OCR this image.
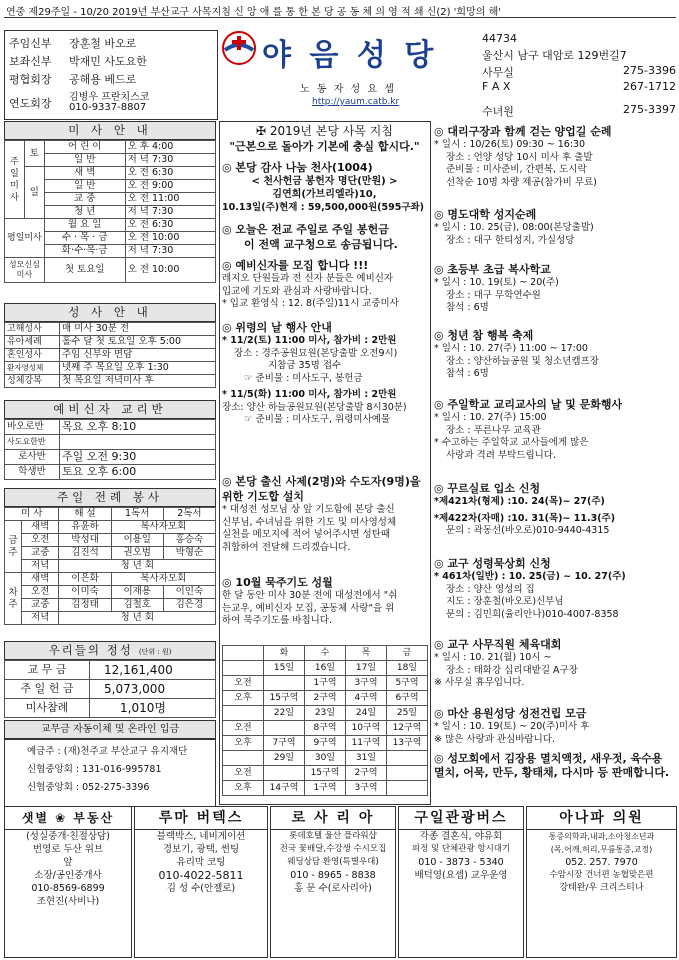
연중 제29주일 - 10/20 2019년 부산교구 사목지침 신 앙 애 를 통 한 본 당 공 동 체 의 영 적 쇄 신(2) '희망의 해'
주임신부 장훈철 바오로
보좌신부 박재민 사도요한
평협회장 공해용 베드로
연도회장 김병우 프란치스코
010-9337-8807
야 음 성 당
노 동 자 성 요 셉
http://yaum.catb.kr
44734
울산시 남구 대암로 129번길7
사무실	275-3396
F A X	267-1712
수녀원	275-3397
미 사 안 내
주일미사	토	어 린 이	오 후 4:00
		일 반	저 녁 7:30
	일	새 벽	오 전 6:30
		일 반	오 전 9:00
		교 중	오 전 11:00
		청 년	저 녁 7:30
평일미사		월 요 일	오 전 6:30
		수 · 목 · 금	오 전 10:00
		화·수·목·금	저 녁 7:30
성모신심미사		첫 토요일	오 전 10:00
성 사 안 내
고해성사	매 미사 30분 전
유아세례	홀수 달 첫 토요일 오후 5:00
혼인성사	주임 신부와 면담
환자영성체	넷째 주 목요일 오후 1:30
성체강복	첫 목요일 저녁미사 후
예비신자 교리반
바오로반	목요 오후 8:10
사도요한반	
로사반	주일 오전 9:30
학생반	토요 오후 6:00
주일 전례 봉사
미 사		해 설	1독서	2독서
금주	새벽	유윤하	복사자모회	
	오전	박성대	이용일	홍승숙
	교중	김진석	권오범	박형순
	저녁	청 년 회		
차주	새벽	이은화	복사자모회	
	오전	이미숙	이재용	이인숙
	교중	김정태	김철호	김은경
	저녁	청 년 회		
우리들의 정성 (단위 : 원)
교 무 금	12,161,400
주 일 헌 금	5,073,000
미사참례	1,010명
교무금 자동이체 및 온라인 입금
예금주 : (재)천주교 부산교구 유지재단
신협중앙회 : 131-016-995781
신협중앙회 : 052-275-3396
✠ 2019년 본당 사목 지침
"근본으로 돌아가 기본에 충실 합시다."
◎ 본당 감사 나눔 천사(1004)
< 천사헌금 봉헌자 명단(만원) >
김연희(가브리엘라)10,
10.13일(주)현재 : 59,500,000원(595구좌)
◎ 오늘은 전교 주일로 주일 봉헌금
이 전액 교구청으로 송금됩니다.
◎ 예비신자를 모집 합니다 !!!
레지오 단원들과 전 신자 분들은 예비신자
입교에 기도와 관심과 사랑바랍니다.
* 입교 환영식 : 12. 8(주일)11시 교중미사
◎ 위령의 날 행사 안내
* 11/2(토) 11:00 미사, 참가비 : 2만원
장소 : 경주공원묘원(본당출발 오전9시)
지참금 35명 접수
☞ 준비물 : 미사도구, 봉헌금
* 11/5(화) 11:00 미사, 참가비 : 2만원
장소: 양산 하늘공원묘원(본당출발 8시30분)
☞ 준비물 : 미사도구, 위령미사예물
◎ 본당 출신 사제(2명)와 수도자(9명)을 위한 기도합 설치
* 대성전 성모님 상 앞 기도함에 본당 출신
신부님, 수녀님을 위한 기도 및 미사영성체
실천을 메모지에 적어 넣어주시면 성탄때
취합하여 전달해 드리겠습니다.
◎ 10월 묵주기도 성월
한 달 동안 미사 30분 전에 대성전에서 "쉬
는교우, 예비신자 모집, 공동체 사랑"을 위
하여 묵주기도를 바칩니다.
	화	수	목	금
	15일	16일	17일	18일
오전		1구역	3구역	5구역
오후	15구역	2구역	4구역	6구역
	22일	23일	24일	25일
오전		8구역	10구역	12구역
오후	7구역	9구역	11구역	13구역
	29일	30일	31일	
오전		15구역	2구역	
오후	14구역	1구역	3구역	
◎ 대리구장과 함께 걷는 양업길 순례
* 일시 : 10/26(토) 09:30 ~ 16:30
장소 : 언양 성당 10시 미사 후 출발
준비물 : 미사준비, 간편복, 도시락
선착순 10명 차량 제공(참가비 무료)
◎ 명도대학 성지순례
* 일시 : 10. 25(금), 08:00(본당출발)
장소 : 대구 한티성지, 가실성당
◎ 초등부 초급 복사학교
* 일시 : 10. 19(토) ~ 20(주)
장소 : 대구 무학연수원
참석 : 6명
◎ 청년 참 행복 축제
* 일시 : 10. 27(주) 11:00 ~ 17:00
장소 : 양산하늘공원 및 청소년캠프장
참석 : 6명
◎ 주일학교 교리교사의 날 및 문화행사
* 일시 : 10. 27(주) 15:00
장소 : 푸른나무 교육관
* 수고하는 주일학교 교사들에게 많은
사랑과 격려 부탁드립니다.
◎ 꾸르실료 입소 신청
*제421차(형제) :10. 24(목)~ 27(주)
*제422차(자매) :10. 31(목)~ 11.3(주)
문의 : 곽동선(바오로)010-9440-4315
◎ 교구 성령묵상회 신청
* 461차(일반) : 10. 25(금) ~ 10. 27(주)
장소 : 양산 영성의 집
지도 : 장훈철(바오로)신부님
문의 : 김민희(율리안나)010-4007-8358
◎ 교구 사무직원 체육대회
* 일시 : 10. 21(월) 10시 ~
장소 : 태화강 십리대밭길 A구장
※ 사무실 휴무입니다.
◎ 마산 용원성당 성전건립 모금
* 일시 : 10. 19(토) ~ 20(주)미사 후
※ 많은 사랑과 관심바랍니다.
◎ 성모회에서 김장용 멸치액젓, 새우젓, 육수용 멸치, 어묵, 만두, 황태채, 다시마 등 판매합니다.
샛별 ❀ 부동산
(성실중개·친절상담)
번영로 두산 위브
앞
소장/공인중개사
010-8569-6899
조현진(사비나)
루마 버텍스
블랙박스, 네비게이션
경보기, 광택, 썬팅
유리막 코팅
010-4022-5811
김 성 수(안젤로)
로 사 리 아
롯데호텔 울산 플라워샵
전국 꽃배달,수강생 수시모집
웨딩상담 환영(특별우대)
010 - 8965 - 8838
홍 문 수(로사리아)
구일관광버스
각종 결혼식, 야유회
피정 및 단체관광 항시대기
010 - 3873 - 5340
배덕영(요셉) 교우운영
아나파 의원
통증의학과,내과,소아청소년과
(목,어깨,허리,무릎통증,교정)
052. 257. 7970
수암시장 건너편 농협맞은편
강태완/우 크리스티나
